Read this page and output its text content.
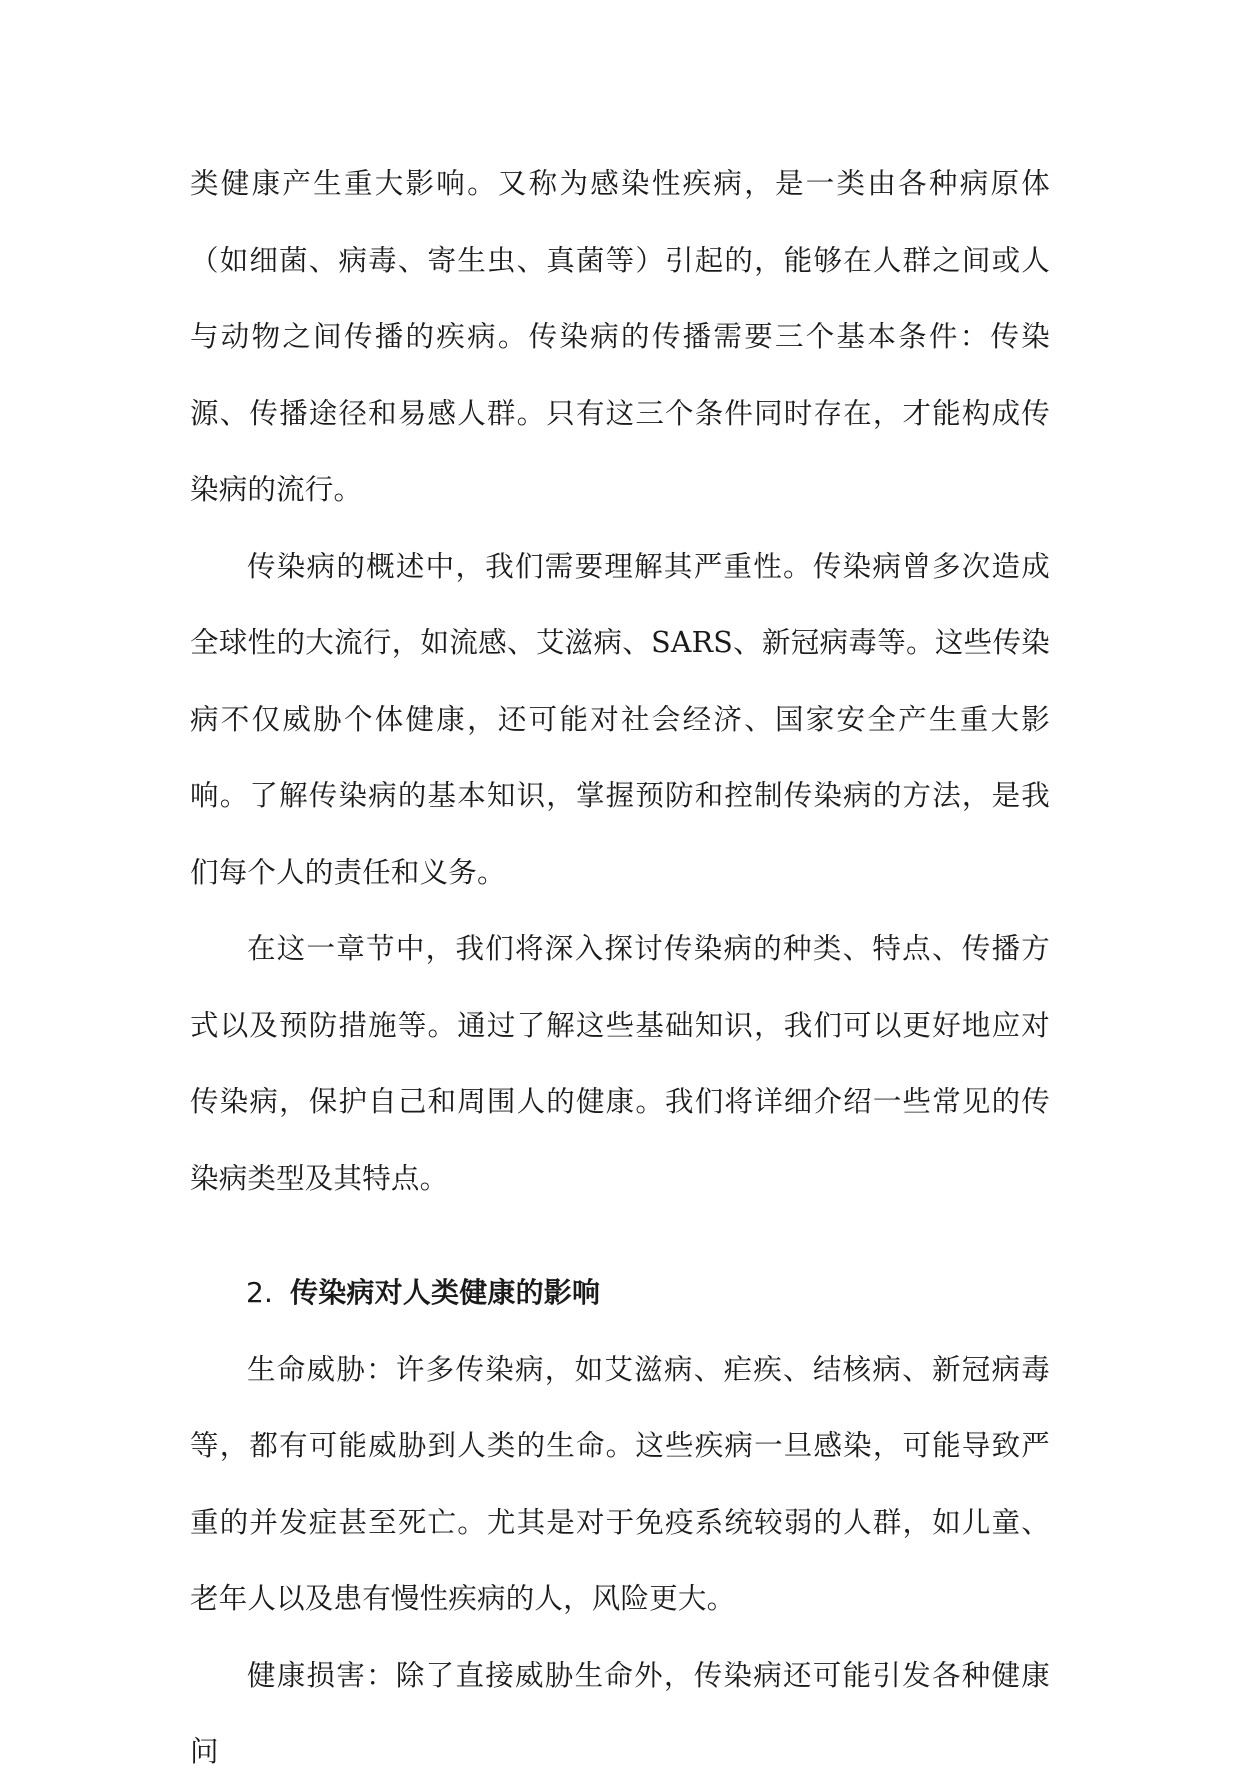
类健康产生重大影响。又称为感染性疾病，是一类由各种病原体（如细菌、病毒、寄生虫、真菌等）引起的，能够在人群之间或人与动物之间传播的疾病。传染病的传播需要三个基本条件：传染源、传播途径和易感人群。只有这三个条件同时存在，才能构成传染病的流行。

传染病的概述中，我们需要理解其严重性。传染病曾多次造成全球性的大流行，如流感、艾滋病、SARS、新冠病毒等。这些传染病不仅威胁个体健康，还可能对社会经济、国家安全产生重大影响。了解传染病的基本知识，掌握预防和控制传染病的方法，是我们每个人的责任和义务。

在这一章节中，我们将深入探讨传染病的种类、特点、传播方式以及预防措施等。通过了解这些基础知识，我们可以更好地应对传染病，保护自己和周围人的健康。我们将详细介绍一些常见的传染病类型及其特点。

2. 传染病对人类健康的影响

生命威胁：许多传染病，如艾滋病、疟疾、结核病、新冠病毒等，都有可能威胁到人类的生命。这些疾病一旦感染，可能导致严重的并发症甚至死亡。尤其是对于免疫系统较弱的人群，如儿童、老年人以及患有慢性疾病的人，风险更大。

健康损害：除了直接威胁生命外，传染病还可能引发各种健康问
